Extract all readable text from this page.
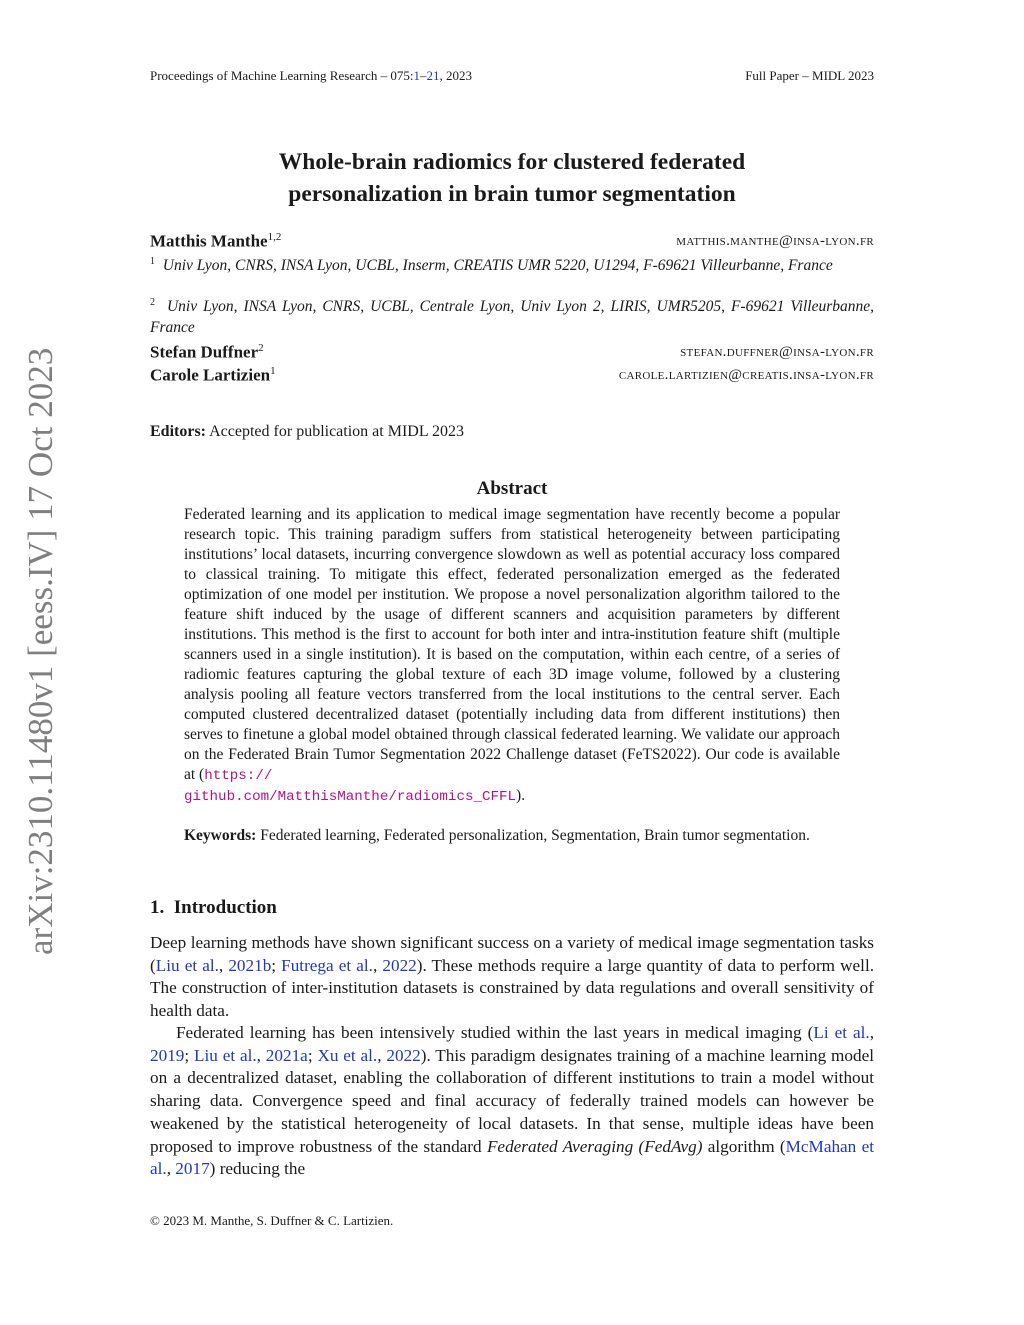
Proceedings of Machine Learning Research – 075:1–21, 2023	Full Paper – MIDL 2023
arXiv:2310.11480v1 [eess.IV] 17 Oct 2023
Whole-brain radiomics for clustered federated
personalization in brain tumor segmentation
Matthis Manthe$^{1,2}$	matthis.manthe@insa-lyon.fr
$^1$ Univ Lyon, CNRS, INSA Lyon, UCBL, Inserm, CREATIS UMR 5220, U1294, F-69621 Villeurbanne, France
$^2$ Univ Lyon, INSA Lyon, CNRS, UCBL, Centrale Lyon, Univ Lyon 2, LIRIS, UMR5205, F-69621 Villeurbanne, France
Stefan Duffner$^2$	stefan.duffner@insa-lyon.fr
Carole Lartizien$^1$	carole.lartizien@creatis.insa-lyon.fr
Editors: Accepted for publication at MIDL 2023
Abstract
Federated learning and its application to medical image segmentation have recently become a popular research topic. This training paradigm suffers from statistical heterogeneity between participating institutions’ local datasets, incurring convergence slowdown as well as potential accuracy loss compared to classical training. To mitigate this effect, federated personalization emerged as the federated optimization of one model per institution. We propose a novel personalization algorithm tailored to the feature shift induced by the usage of different scanners and acquisition parameters by different institutions. This method is the first to account for both inter and intra-institution feature shift (multiple scanners used in a single institution). It is based on the computation, within each centre, of a series of radiomic features capturing the global texture of each 3D image volume, followed by a clustering analysis pooling all feature vectors transferred from the local institutions to the central server. Each computed clustered decentralized dataset (potentially including data from different institutions) then serves to finetune a global model obtained through classical federated learning. We validate our approach on the Federated Brain Tumor Segmentation 2022 Challenge dataset (FeTS2022). Our code is available at (https://
github.com/MatthisManthe/radiomics_CFFL).
Keywords: Federated learning, Federated personalization, Segmentation, Brain tumor segmentation.
1. Introduction
Deep learning methods have shown significant success on a variety of medical image segmentation tasks (Liu et al., 2021b; Futrega et al., 2022). These methods require a large quantity of data to perform well. The construction of inter-institution datasets is constrained by data regulations and overall sensitivity of health data.
Federated learning has been intensively studied within the last years in medical imaging (Li et al., 2019; Liu et al., 2021a; Xu et al., 2022). This paradigm designates training of a machine learning model on a decentralized dataset, enabling the collaboration of different institutions to train a model without sharing data. Convergence speed and final accuracy of federally trained models can however be weakened by the statistical heterogeneity of local datasets. In that sense, multiple ideas have been proposed to improve robustness of the standard Federated Averaging (FedAvg) algorithm (McMahan et al., 2017) reducing the
© 2023 M. Manthe, S. Duffner & C. Lartizien.
